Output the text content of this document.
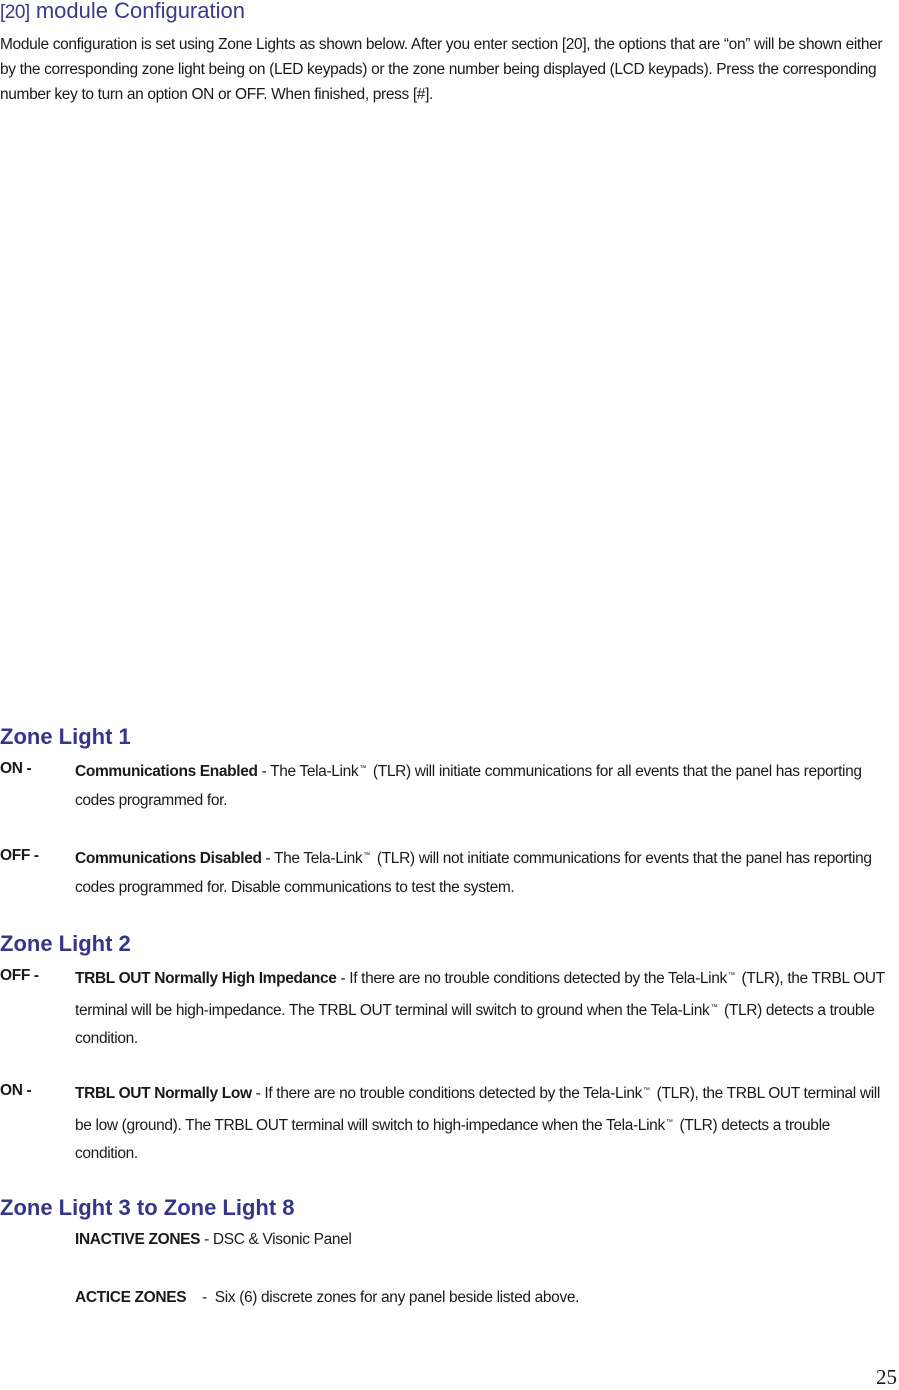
[20] module Configuration

Module configuration is set using Zone Lights as shown below. After you enter section [20], the options that are “on” will be shown either by the corresponding zone light being on (LED keypads) or the zone number being displayed (LCD keypads). Press the corresponding number key to turn an option ON or OFF. When finished, press [#].

Zone Light 1
ON -	Communications Enabled - The Tela-Link™ (TLR) will initiate communications for all events that the panel has reporting codes programmed for.
OFF - Communications Disabled - The Tela-Link™ (TLR) will not initiate communications for events that the panel has reporting codes programmed for. Disable communications to test the system.
Zone Light 2
OFF - TRBL OUT Normally High Impedance - If there are no trouble conditions detected by the Tela-Link™ (TLR), the TRBL OUT terminal will be high-impedance. The TRBL OUT terminal will switch to ground when the Tela-Link™ (TLR) detects a trouble condition.
ON -	TRBL OUT Normally Low - If there are no trouble conditions detected by the Tela-Link™ (TLR), the TRBL OUT terminal will be low (ground). The TRBL OUT terminal will switch to high-impedance when the Tela-Link™ (TLR) detects a trouble condition.
Zone Light 3 to Zone Light 8
INACTIVE ZONES - DSC & Visonic Panel
ACTICE ZONES    -  Six (6) discrete zones for any panel beside listed above.
25
